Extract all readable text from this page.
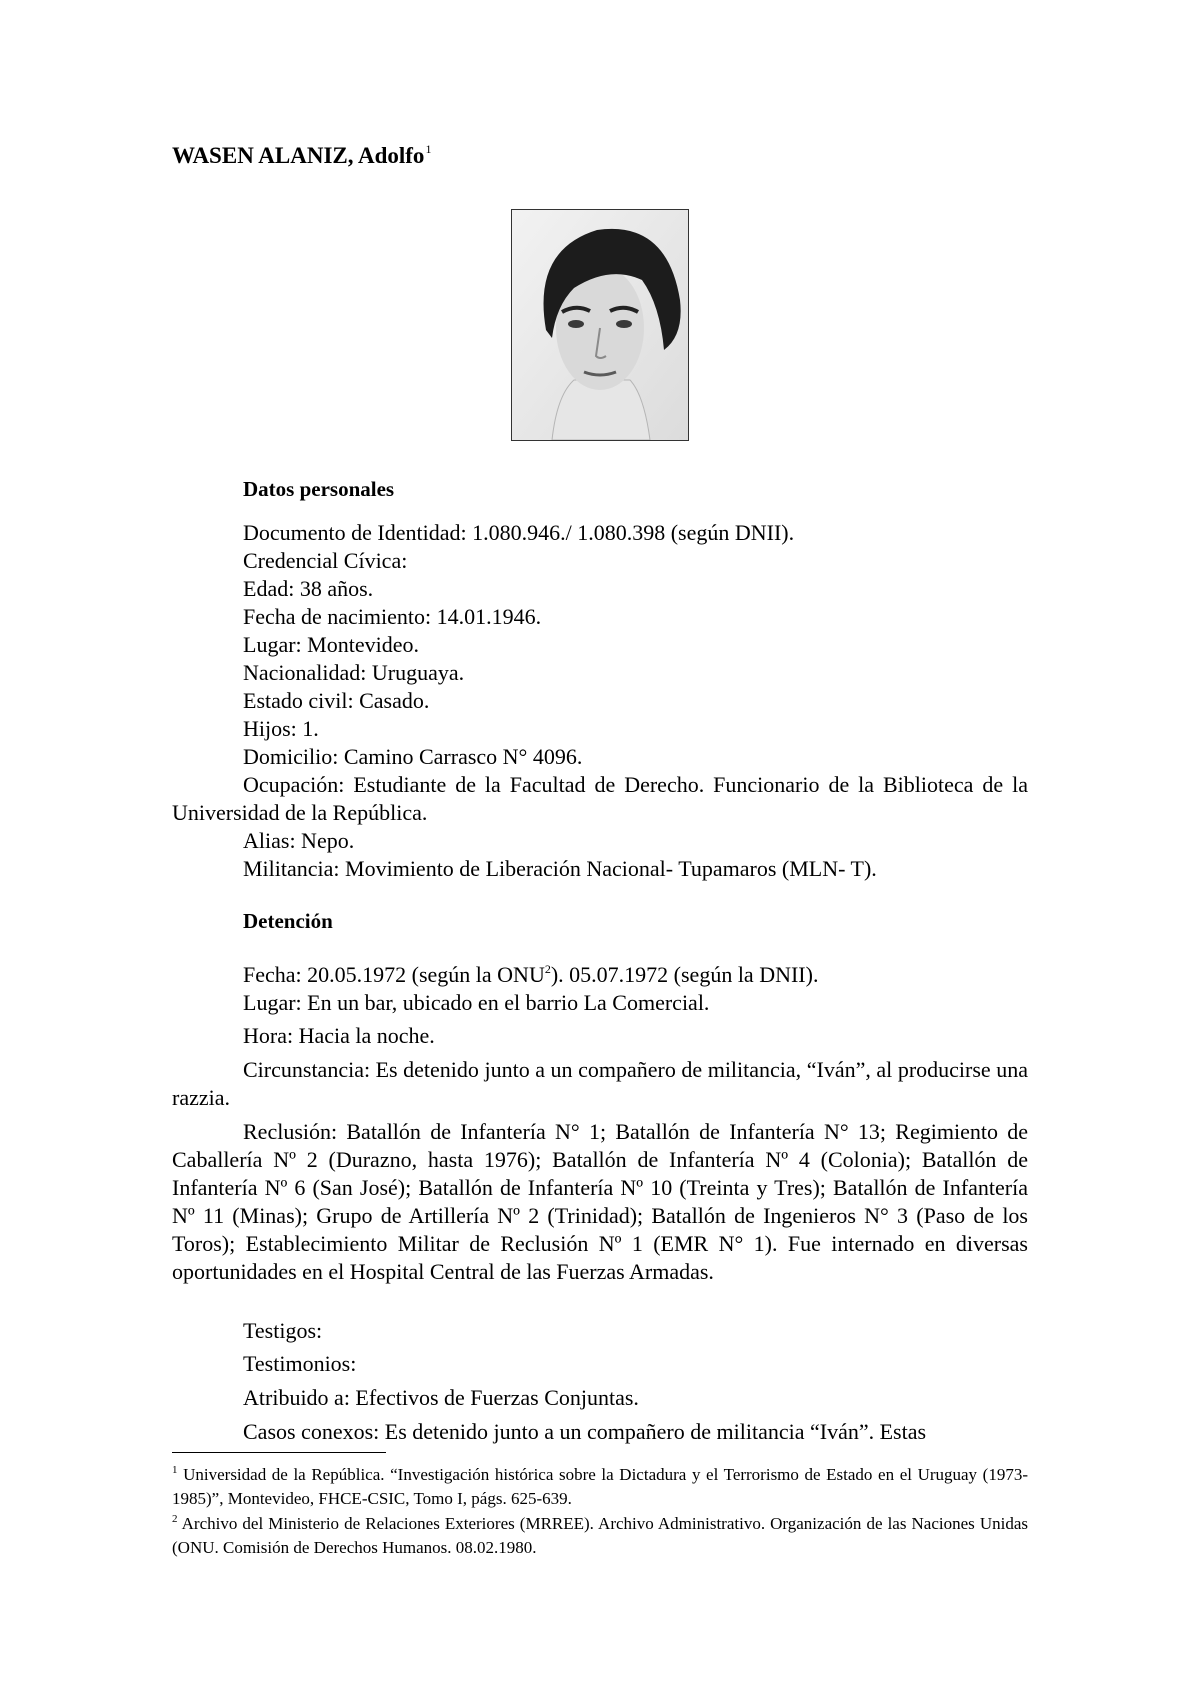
WASEN ALANIZ, Adolfo$^1$
Datos personales
Documento de Identidad: 1.080.946./ 1.080.398 (según DNII).
Credencial Cívica:
Edad: 38 años.
Fecha de nacimiento: 14.01.1946.
Lugar: Montevideo.
Nacionalidad: Uruguaya.
Estado civil: Casado.
Hijos: 1.
Domicilio: Camino Carrasco N° 4096.
Ocupación: Estudiante de la Facultad de Derecho. Funcionario de la Biblioteca de la Universidad de la República.
Alias: Nepo.
Militancia: Movimiento de Liberación Nacional- Tupamaros (MLN- T).
Detención
Fecha: 20.05.1972 (según la ONU$^2$). 05.07.1972 (según la DNII).
Lugar: En un bar, ubicado en el barrio La Comercial.
Hora: Hacia la noche.
Circunstancia: Es detenido junto a un compañero de militancia, “Iván”, al producirse una razzia.
Reclusión: Batallón de Infantería N° 1; Batallón de Infantería N° 13; Regimiento de Caballería Nº 2 (Durazno, hasta 1976); Batallón de Infantería Nº 4 (Colonia); Batallón de Infantería Nº 6 (San José); Batallón de Infantería Nº 10 (Treinta y Tres); Batallón de Infantería Nº 11 (Minas); Grupo de Artillería Nº 2 (Trinidad); Batallón de Ingenieros N° 3 (Paso de los Toros); Establecimiento Militar de Reclusión Nº 1 (EMR N° 1). Fue internado en diversas oportunidades en el Hospital Central de las Fuerzas Armadas.
Testigos:
Testimonios:
Atribuido a: Efectivos de Fuerzas Conjuntas.
Casos conexos: Es detenido junto a un compañero de militancia “Iván”. Estas
$^1$ Universidad de la República. “Investigación histórica sobre la Dictadura y el Terrorismo de Estado en el Uruguay (1973-1985)”, Montevideo, FHCE-CSIC, Tomo I, págs. 625-639.
$^2$ Archivo del Ministerio de Relaciones Exteriores (MRREE). Archivo Administrativo. Organización de las Naciones Unidas (ONU. Comisión de Derechos Humanos. 08.02.1980.
